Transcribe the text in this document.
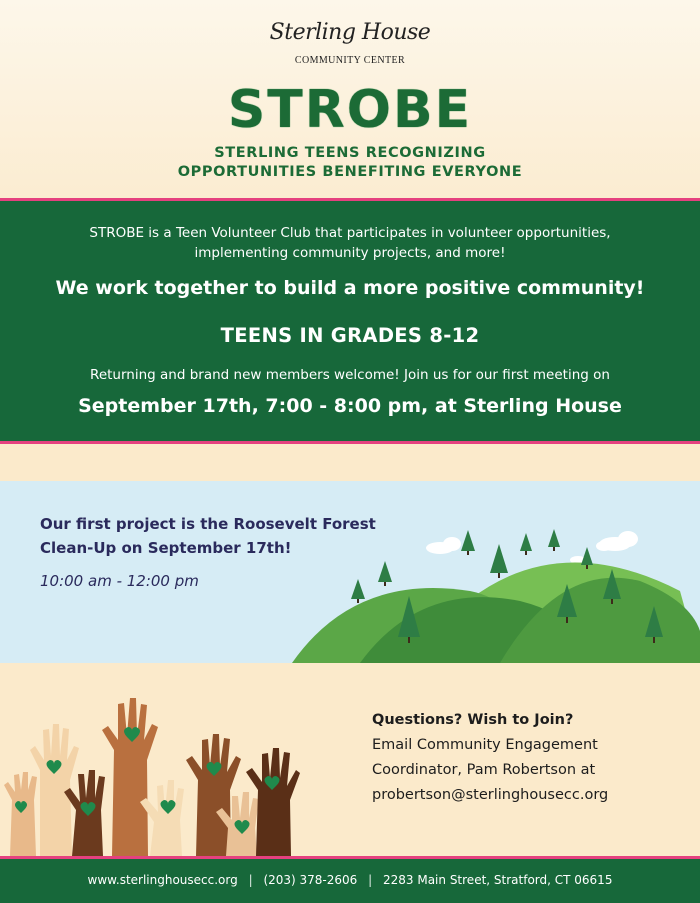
Sterling House
COMMUNITY CENTER
STROBE
STERLING TEENS RECOGNIZING
OPPORTUNITIES BENEFITING EVERYONE
STROBE is a Teen Volunteer Club that participates in volunteer opportunities,
implementing community projects, and more!
We work together to build a more positive community!
TEENS IN GRADES 8-12
Returning and brand new members welcome! Join us for our first meeting on
September 17th, 7:00 - 8:00 pm, at Sterling House
Our first project is the Roosevelt Forest
Clean-Up on September 17th!
10:00 am - 12:00 pm
Questions? Wish to Join?
Email Community Engagement
Coordinator, Pam Robertson at
probertson@sterlinghousecc.org
www.sterlinghousecc.org | (203) 378-2606 | 2283 Main Street, Stratford, CT 06615
